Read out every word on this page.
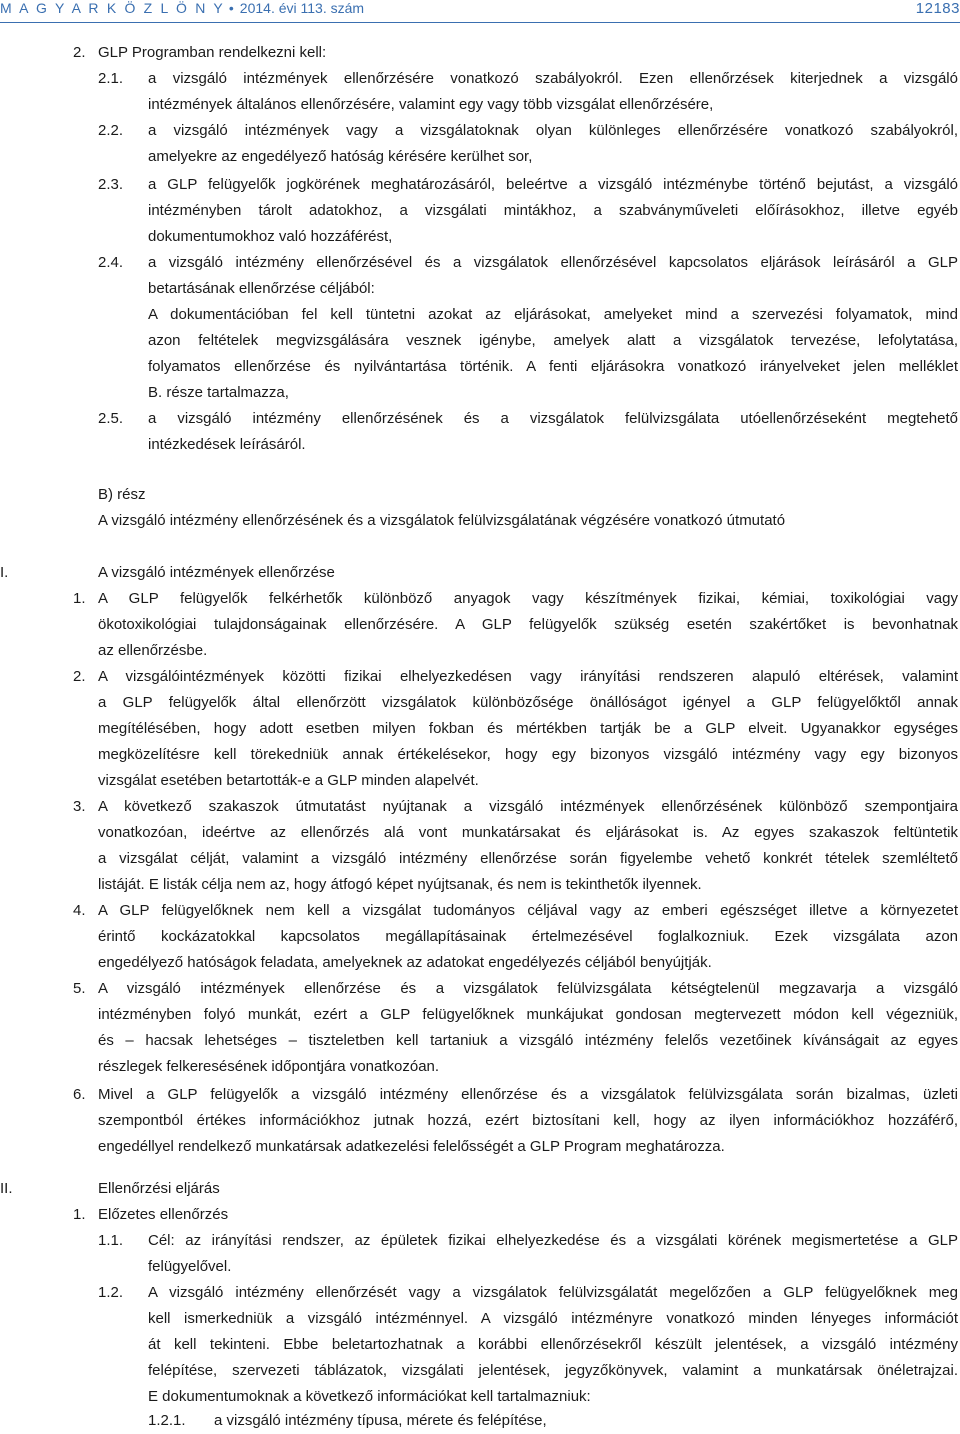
M A G Y A R K Ö Z L Ö N Y • 2014. évi 113. szám	12183
2. GLP Programban rendelkezni kell:
2.1. a vizsgáló intézmények ellenőrzésére vonatkozó szabályokról. Ezen ellenőrzések kiterjednek a vizsgáló
intézmények általános ellenőrzésére, valamint egy vagy több vizsgálat ellenőrzésére,
2.2. a vizsgáló intézmények vagy a vizsgálatoknak olyan különleges ellenőrzésére vonatkozó szabályokról,
amelyekre az engedélyező hatóság kérésére kerülhet sor,
2.3. a GLP felügyelők jogkörének meghatározásáról, beleértve a vizsgáló intézménybe történő bejutást, a vizsgáló
intézményben tárolt adatokhoz, a vizsgálati mintákhoz, a szabványműveleti előírásokhoz, illetve egyéb
dokumentumokhoz való hozzáférést,
2.4. a vizsgáló intézmény ellenőrzésével és a vizsgálatok ellenőrzésével kapcsolatos eljárások leírásáról a GLP
betartásának ellenőrzése céljából:
A dokumentációban fel kell tüntetni azokat az eljárásokat, amelyeket mind a szervezési folyamatok, mind
azon feltételek megvizsgálására vesznek igénybe, amelyek alatt a vizsgálatok tervezése, lefolytatása,
folyamatos ellenőrzése és nyilvántartása történik. A fenti eljárásokra vonatkozó irányelveket jelen melléklet
B. része tartalmazza,
2.5. a vizsgáló intézmény ellenőrzésének és a vizsgálatok felülvizsgálata utóellenőrzéseként megtehető
intézkedések leírásáról.
B) rész
A vizsgáló intézmény ellenőrzésének és a vizsgálatok felülvizsgálatának végzésére vonatkozó útmutató
I.	A vizsgáló intézmények ellenőrzése
1. A GLP felügyelők felkérhetők különböző anyagok vagy készítmények fizikai, kémiai, toxikológiai vagy
ökotoxikológiai tulajdonságainak ellenőrzésére. A GLP felügyelők szükség esetén szakértőket is bevonhatnak
az ellenőrzésbe.
2. A vizsgálóintézmények közötti fizikai elhelyezkedésen vagy irányítási rendszeren alapuló eltérések, valamint
a GLP felügyelők által ellenőrzött vizsgálatok különbözősége önállóságot igényel a GLP felügyelőktől annak
megítélésében, hogy adott esetben milyen fokban és mértékben tartják be a GLP elveit. Ugyanakkor egységes
megközelítésre kell törekedniük annak értékelésekor, hogy egy bizonyos vizsgáló intézmény vagy egy bizonyos
vizsgálat esetében betartották-e a GLP minden alapelvét.
3. A következő szakaszok útmutatást nyújtanak a vizsgáló intézmények ellenőrzésének különböző szempontjaira
vonatkozóan, ideértve az ellenőrzés alá vont munkatársakat és eljárásokat is. Az egyes szakaszok feltüntetik
a vizsgálat célját, valamint a vizsgáló intézmény ellenőrzése során figyelembe vehető konkrét tételek szemléltető
listáját. E listák célja nem az, hogy átfogó képet nyújtsanak, és nem is tekinthetők ilyennek.
4. A GLP felügyelőknek nem kell a vizsgálat tudományos céljával vagy az emberi egészséget illetve a környezetet
érintő kockázatokkal kapcsolatos megállapításainak értelmezésével foglalkozniuk. Ezek vizsgálata azon
engedélyező hatóságok feladata, amelyeknek az adatokat engedélyezés céljából benyújtják.
5. A vizsgáló intézmények ellenőrzése és a vizsgálatok felülvizsgálata kétségtelenül megzavarja a vizsgáló
intézményben folyó munkát, ezért a GLP felügyelőknek munkájukat gondosan megtervezett módon kell végezniük,
és – hacsak lehetséges – tiszteletben kell tartaniuk a vizsgáló intézmény felelős vezetőinek kívánságait az egyes
részlegek felkeresésének időpontjára vonatkozóan.
6. Mivel a GLP felügyelők a vizsgáló intézmény ellenőrzése és a vizsgálatok felülvizsgálata során bizalmas, üzleti
szempontból értékes információkhoz jutnak hozzá, ezért biztosítani kell, hogy az ilyen információkhoz hozzáférő,
engedéllyel rendelkező munkatársak adatkezelési felelősségét a GLP Program meghatározza.
II.	Ellenőrzési eljárás
1. Előzetes ellenőrzés
1.1. Cél: az irányítási rendszer, az épületek fizikai elhelyezkedése és a vizsgálati körének megismertetése a GLP
felügyelővel.
1.2. A vizsgáló intézmény ellenőrzését vagy a vizsgálatok felülvizsgálatát megelőzően a GLP felügyelőknek meg
kell ismerkedniük a vizsgáló intézménnyel. A vizsgáló intézményre vonatkozó minden lényeges információt
át kell tekinteni. Ebbe beletartozhatnak a korábbi ellenőrzésekről készült jelentések, a vizsgáló intézmény
felépítése, szervezeti táblázatok, vizsgálati jelentések, jegyzőkönyvek, valamint a munkatársak önéletrajzai.
E dokumentumoknak a következő információkat kell tartalmazniuk:
1.2.1. a vizsgáló intézmény típusa, mérete és felépítése,
